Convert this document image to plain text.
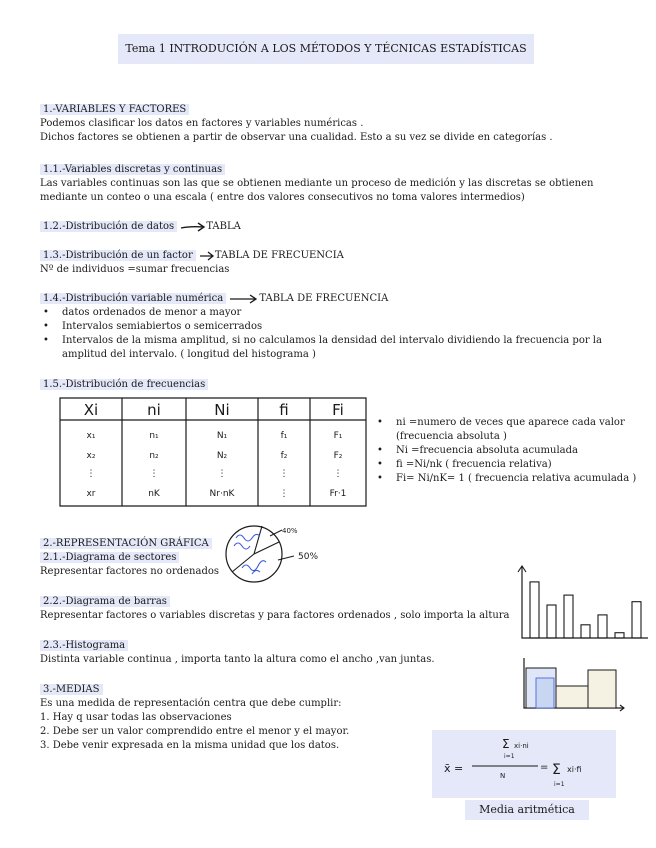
Tema 1 INTRODUCIÓN A LOS MÉTODOS Y TÉCNICAS ESTADÍSTICAS
1.-VARIABLES Y FACTORES
Podemos clasificar los datos en factores y variables numéricas .
Dichos factores se obtienen a partir de observar una cualidad. Esto a su vez se divide en categorías .
1.1.-Variables discretas y continuas
Las variables continuas son las que se obtienen mediante un proceso de medición y las discretas se obtienen
mediante un conteo o una escala ( entre dos valores consecutivos no toma valores intermedios)
1.2.-Distribución de datos	TABLA
1.3.-Distribución de un factor TABLA DE FRECUENCIA
Nº de individuos =sumar frecuencias
1.4.-Distribución variable numérica	TABLA DE FRECUENCIA
• datos ordenados de menor a mayor
• Intervalos semiabiertos o semicerrados
• Intervalos de la misma amplitud, si no calculamos la densidad del intervalo dividiendo la frecuencia por la
amplitud del intervalo. ( longitud del histograma )
1.5.-Distribución de frecuencias
Xi	ni	Ni	fi	Fi
x₁	n₁	N₁	f₁	F₁
x₂	n₂	N₂	f₂	F₂
⋮	⋮	⋮	⋮	⋮
xr	nK	Nr·nK	⋮	Fr·1
• ni =numero de veces que aparece cada valor
(frecuencia absoluta )
• Ni =frecuencia absoluta acumulada
• fi =Ni/nk ( frecuencia relativa)
• Fi= Ni/nK= 1 ( frecuencia relativa acumulada )
2.-REPRESENTACIÓN GRÁFICA
2.1.-Diagrama de sectores
Representar factores no ordenados
40%
50%
2.2.-Diagrama de barras
Representar factores o variables discretas y para factores ordenados , solo importa la altura
2.3.-Histograma
Distinta variable continua , importa tanto la altura como el ancho ,van juntas.
3.-MEDIAS
Es una medida de representación centra que debe cumplir:
1. Hay q usar todas las observaciones
2. Debe ser un valor comprendido entre el menor y el mayor.
3. Debe venir expresada en la misma unidad que los datos.
x̄ =
Σ xi·ni
i=1
N
= Σ xi·fi
i=1
Media aritmética
